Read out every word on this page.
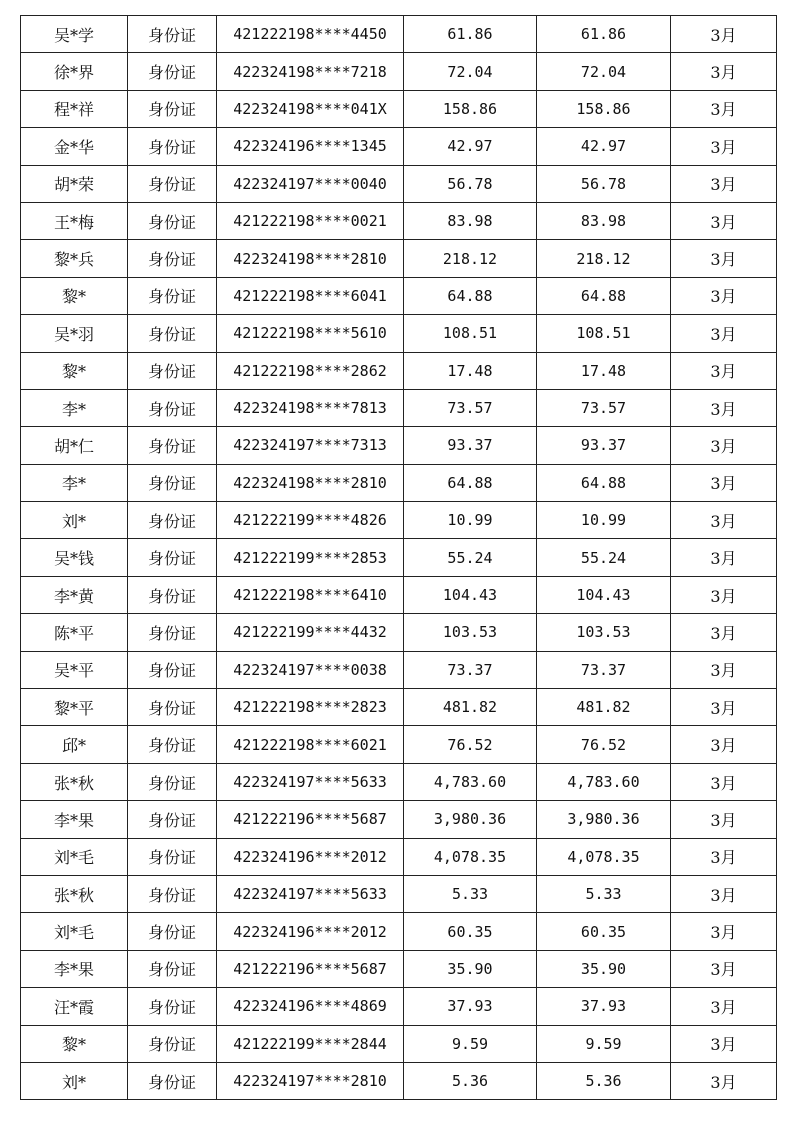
吴*学	身份证	421222198****4450	61.86	61.86	3月
徐*界	身份证	422324198****7218	72.04	72.04	3月
程*祥	身份证	422324198****041X	158.86	158.86	3月
金*华	身份证	422324196****1345	42.97	42.97	3月
胡*荣	身份证	422324197****0040	56.78	56.78	3月
王*梅	身份证	421222198****0021	83.98	83.98	3月
黎*兵	身份证	422324198****2810	218.12	218.12	3月
黎*	身份证	421222198****6041	64.88	64.88	3月
吴*羽	身份证	421222198****5610	108.51	108.51	3月
黎*	身份证	421222198****2862	17.48	17.48	3月
李*	身份证	422324198****7813	73.57	73.57	3月
胡*仁	身份证	422324197****7313	93.37	93.37	3月
李*	身份证	422324198****2810	64.88	64.88	3月
刘*	身份证	421222199****4826	10.99	10.99	3月
吴*钱	身份证	421222199****2853	55.24	55.24	3月
李*黄	身份证	421222198****6410	104.43	104.43	3月
陈*平	身份证	421222199****4432	103.53	103.53	3月
吴*平	身份证	422324197****0038	73.37	73.37	3月
黎*平	身份证	421222198****2823	481.82	481.82	3月
邱*	身份证	421222198****6021	76.52	76.52	3月
张*秋	身份证	422324197****5633	4,783.60	4,783.60	3月
李*果	身份证	421222196****5687	3,980.36	3,980.36	3月
刘*毛	身份证	422324196****2012	4,078.35	4,078.35	3月
张*秋	身份证	422324197****5633	5.33	5.33	3月
刘*毛	身份证	422324196****2012	60.35	60.35	3月
李*果	身份证	421222196****5687	35.90	35.90	3月
汪*霞	身份证	422324196****4869	37.93	37.93	3月
黎*	身份证	421222199****2844	9.59	9.59	3月
刘*	身份证	422324197****2810	5.36	5.36	3月
